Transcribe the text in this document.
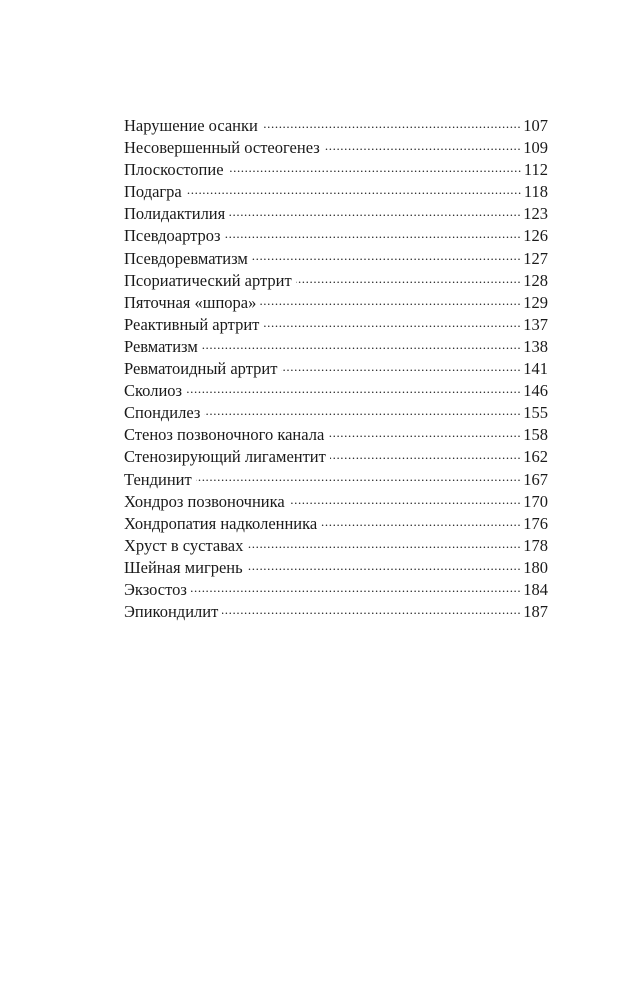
Нарушение осанки .....	107
Несовершенный остеогенез .....	109
Плоскостопие .....	112
Подагра .....	118
Полидактилия .....	123
Псевдоартроз .....	126
Псевдоревматизм .....	127
Псориатический артрит .....	128
Пяточная «шпора» .....	129
Реактивный артрит .....	137
Ревматизм .....	138
Ревматоидный артрит .....	141
Сколиоз .....	146
Спондилез .....	155
Стеноз позвоночного канала .....	158
Стенозирующий лигаментит .....	162
Тендинит .....	167
Хондроз позвоночника .....	170
Хондропатия надколенника .....	176
Хруст в суставах .....	178
Шейная мигрень .....	180
Экзостоз .....	184
Эпикондилит .....	187
